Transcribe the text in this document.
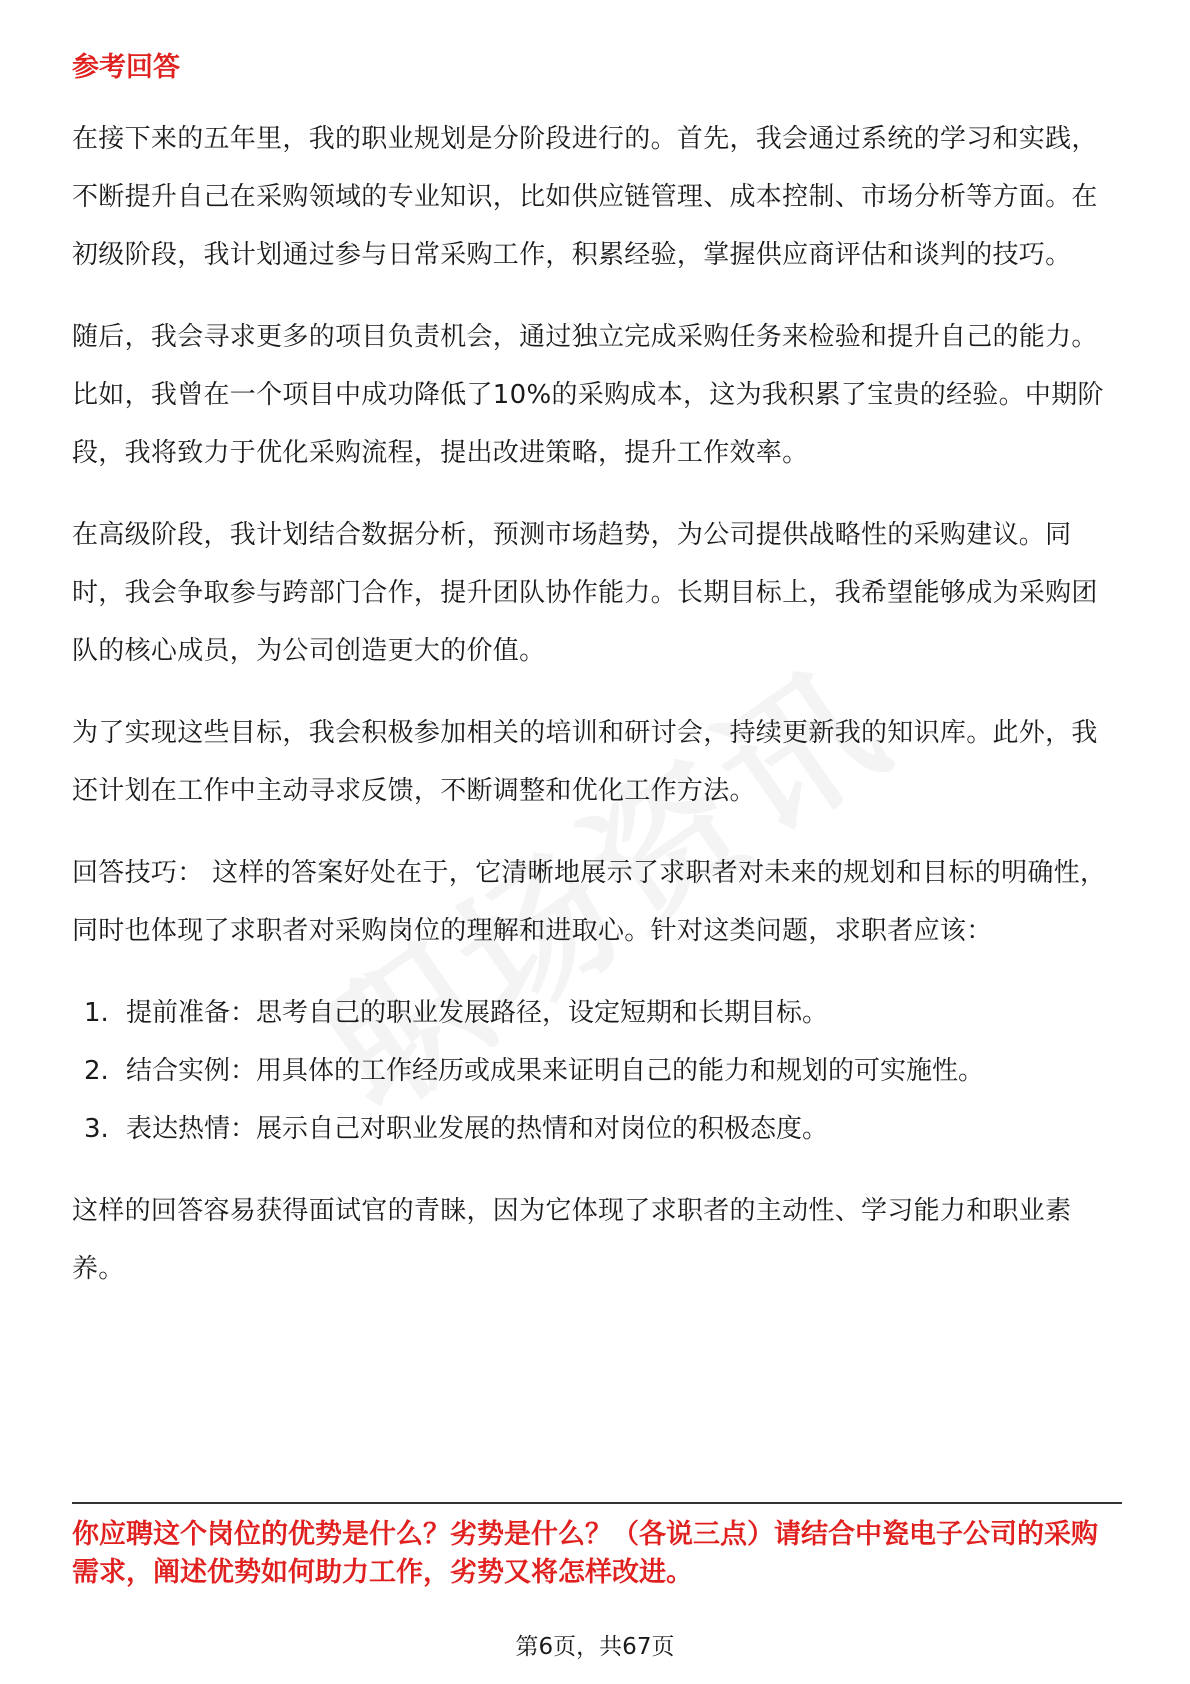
参考回答

在接下来的五年里，我的职业规划是分阶段进行的。首先，我会通过系统的学习和实践，不断提升自己在采购领域的专业知识，比如供应链管理、成本控制、市场分析等方面。在初级阶段，我计划通过参与日常采购工作，积累经验，掌握供应商评估和谈判的技巧。

随后，我会寻求更多的项目负责机会，通过独立完成采购任务来检验和提升自己的能力。比如，我曾在一个项目中成功降低了10%的采购成本，这为我积累了宝贵的经验。中期阶段，我将致力于优化采购流程，提出改进策略，提升工作效率。

在高级阶段，我计划结合数据分析，预测市场趋势，为公司提供战略性的采购建议。同时，我会争取参与跨部门合作，提升团队协作能力。长期目标上，我希望能够成为采购团队的核心成员，为公司创造更大的价值。

为了实现这些目标，我会积极参加相关的培训和研讨会，持续更新我的知识库。此外，我还计划在工作中主动寻求反馈，不断调整和优化工作方法。

回答技巧： 这样的答案好处在于，它清晰地展示了求职者对未来的规划和目标的明确性，同时也体现了求职者对采购岗位的理解和进取心。针对这类问题，求职者应该：

1. 提前准备：思考自己的职业发展路径，设定短期和长期目标。
2. 结合实例：用具体的工作经历或成果来证明自己的能力和规划的可实施性。
3. 表达热情：展示自己对职业发展的热情和对岗位的积极态度。

这样的回答容易获得面试官的青睐，因为它体现了求职者的主动性、学习能力和职业素养。

你应聘这个岗位的优势是什么？劣势是什么？（各说三点）请结合中瓷电子公司的采购需求，阐述优势如何助力工作，劣势又将怎样改进。
第6页，共67页
